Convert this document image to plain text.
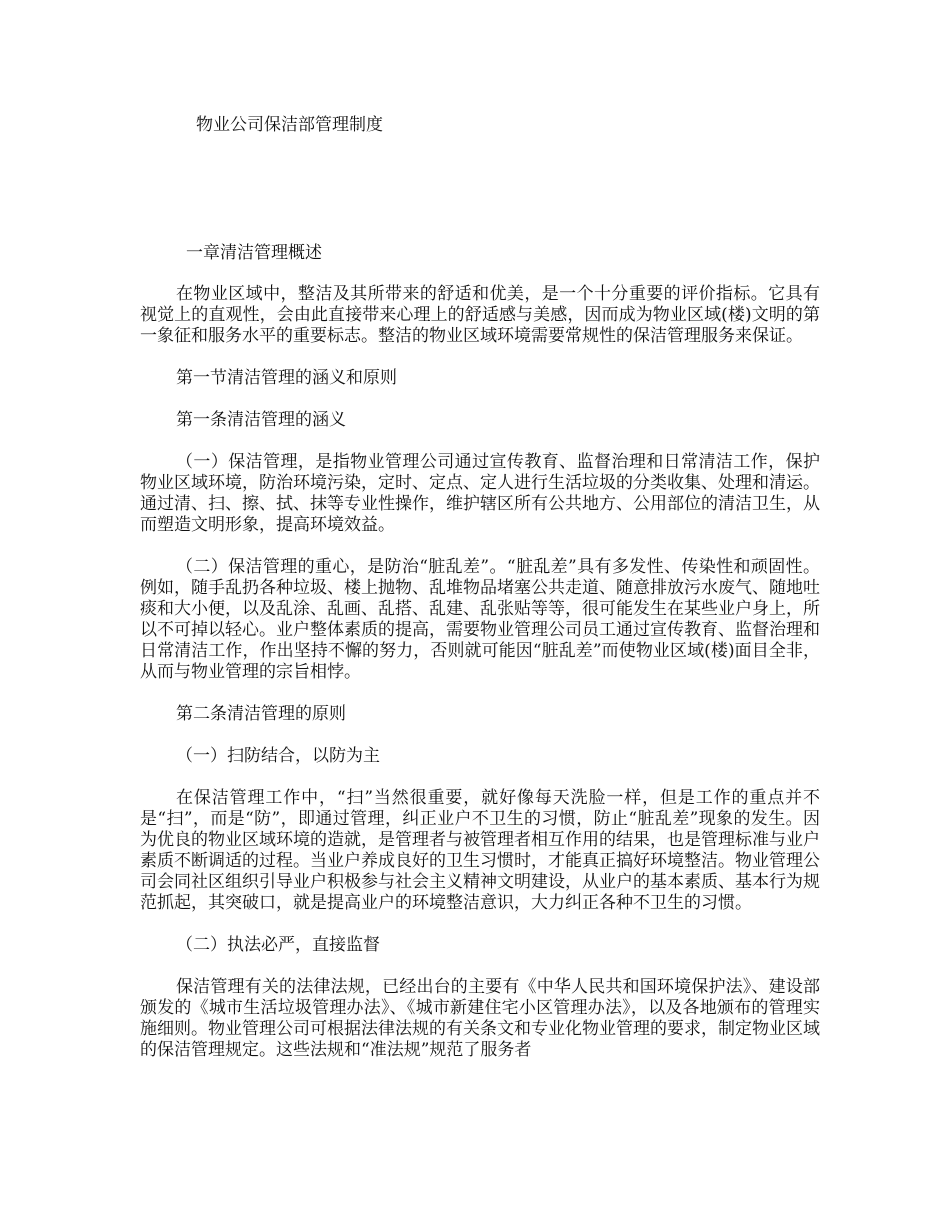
物业公司保洁部管理制度
一章清洁管理概述

在物业区域中，整洁及其所带来的舒适和优美，是一个十分重要的评价指标。它具有视觉上的直观性，会由此直接带来心理上的舒适感与美感，因而成为物业区域(楼)文明的第一象征和服务水平的重要标志。整洁的物业区域环境需要常规性的保洁管理服务来保证。

第一节清洁管理的涵义和原则

第一条清洁管理的涵义

（一）保洁管理，是指物业管理公司通过宣传教育、监督治理和日常清洁工作，保护物业区域环境，防治环境污染，定时、定点、定人进行生活垃圾的分类收集、处理和清运。通过清、扫、擦、拭、抹等专业性操作，维护辖区所有公共地方、公用部位的清洁卫生，从而塑造文明形象，提高环境效益。

（二）保洁管理的重心，是防治“脏乱差”。“脏乱差”具有多发性、传染性和顽固性。例如，随手乱扔各种垃圾、楼上抛物、乱堆物品堵塞公共走道、随意排放污水废气、随地吐痰和大小便，以及乱涂、乱画、乱搭、乱建、乱张贴等等，很可能发生在某些业户身上，所以不可掉以轻心。业户整体素质的提高，需要物业管理公司员工通过宣传教育、监督治理和日常清洁工作，作出坚持不懈的努力，否则就可能因“脏乱差”而使物业区域(楼)面目全非，从而与物业管理的宗旨相悖。

第二条清洁管理的原则

（一）扫防结合，以防为主

在保洁管理工作中，“扫”当然很重要，就好像每天洗脸一样，但是工作的重点并不是“扫”，而是“防”，即通过管理，纠正业户不卫生的习惯，防止“脏乱差”现象的发生。因为优良的物业区域环境的造就，是管理者与被管理者相互作用的结果，也是管理标准与业户素质不断调适的过程。当业户养成良好的卫生习惯时，才能真正搞好环境整洁。物业管理公司会同社区组织引导业户积极参与社会主义精神文明建设，从业户的基本素质、基本行为规范抓起，其突破口，就是提高业户的环境整洁意识，大力纠正各种不卫生的习惯。

（二）执法必严，直接监督

保洁管理有关的法律法规，已经出台的主要有《中华人民共和国环境保护法》、建设部颁发的《城市生活垃圾管理办法》、《城市新建住宅小区管理办法》，以及各地颁布的管理实施细则。物业管理公司可根据法律法规的有关条文和专业化物业管理的要求，制定物业区域的保洁管理规定。这些法规和“准法规”规范了服务者
